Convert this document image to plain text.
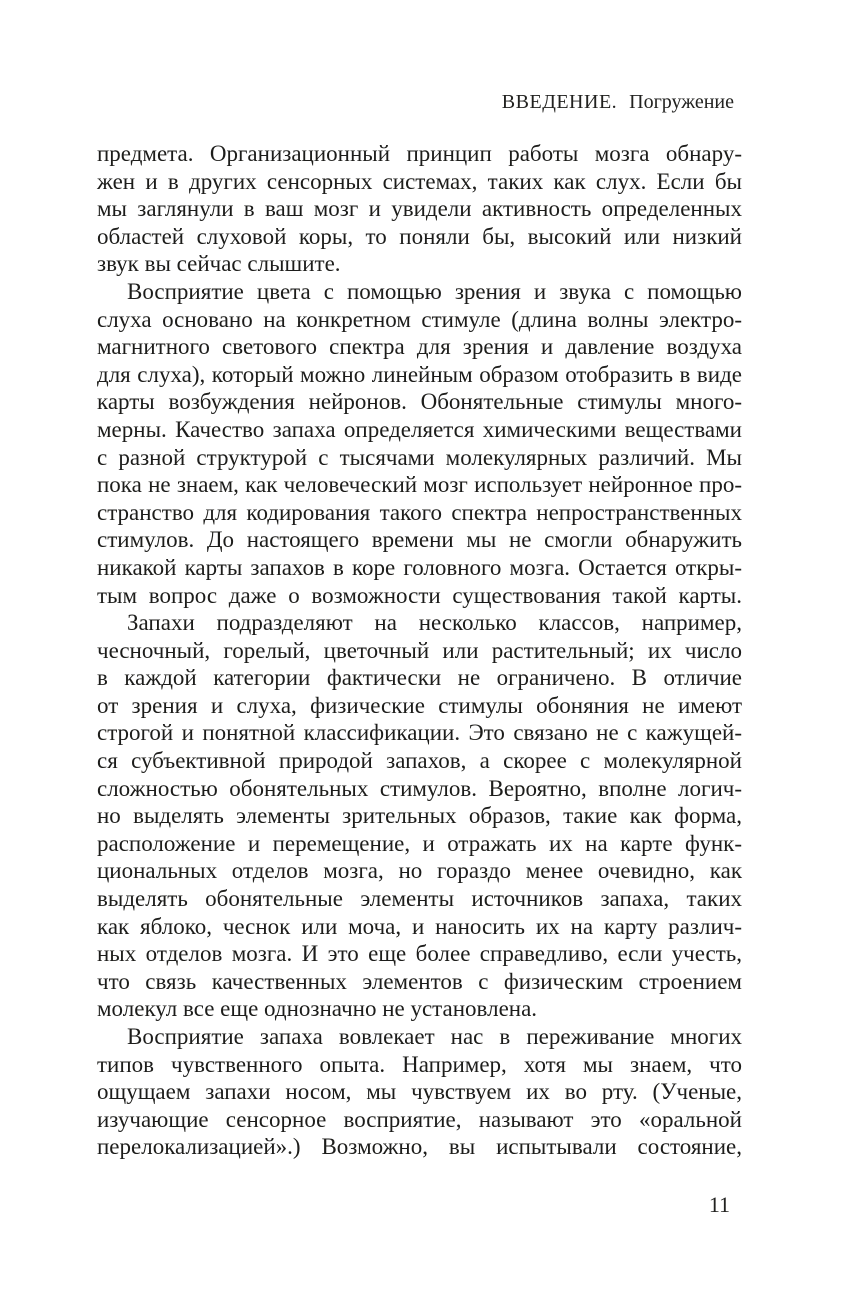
ВВЕДЕНИЕ. Погружение
предмета. Организационный принцип работы мозга обнару-
жен и в других сенсорных системах, таких как слух. Если бы
мы заглянули в ваш мозг и увидели активность определенных
областей слуховой коры, то поняли бы, высокий или низкий
звук вы сейчас слышите.
Восприятие цвета с помощью зрения и звука с помощью
слуха основано на конкретном стимуле (длина волны электро-
магнитного светового спектра для зрения и давление воздуха
для слуха), который можно линейным образом отобразить в виде
карты возбуждения нейронов. Обонятельные стимулы много-
мерны. Качество запаха определяется химическими веществами
с разной структурой с тысячами молекулярных различий. Мы
пока не знаем, как человеческий мозг использует нейронное про-
странство для кодирования такого спектра непространственных
стимулов. До настоящего времени мы не смогли обнаружить
никакой карты запахов в коре головного мозга. Остается откры-
тым вопрос даже о возможности существования такой карты.
Запахи подразделяют на несколько классов, например,
чесночный, горелый, цветочный или растительный; их число
в каждой категории фактически не ограничено. В отличие
от зрения и слуха, физические стимулы обоняния не имеют
строгой и понятной классификации. Это связано не с кажущей-
ся субъективной природой запахов, а скорее с молекулярной
сложностью обонятельных стимулов. Вероятно, вполне логич-
но выделять элементы зрительных образов, такие как форма,
расположение и перемещение, и отражать их на карте функ-
циональных отделов мозга, но гораздо менее очевидно, как
выделять обонятельные элементы источников запаха, таких
как яблоко, чеснок или моча, и наносить их на карту различ-
ных отделов мозга. И это еще более справедливо, если учесть,
что связь качественных элементов с физическим строением
молекул все еще однозначно не установлена.
Восприятие запаха вовлекает нас в переживание многих
типов чувственного опыта. Например, хотя мы знаем, что
ощущаем запахи носом, мы чувствуем их во рту. (Ученые,
изучающие сенсорное восприятие, называют это «оральной
перелокализацией».) Возможно, вы испытывали состояние,
11
